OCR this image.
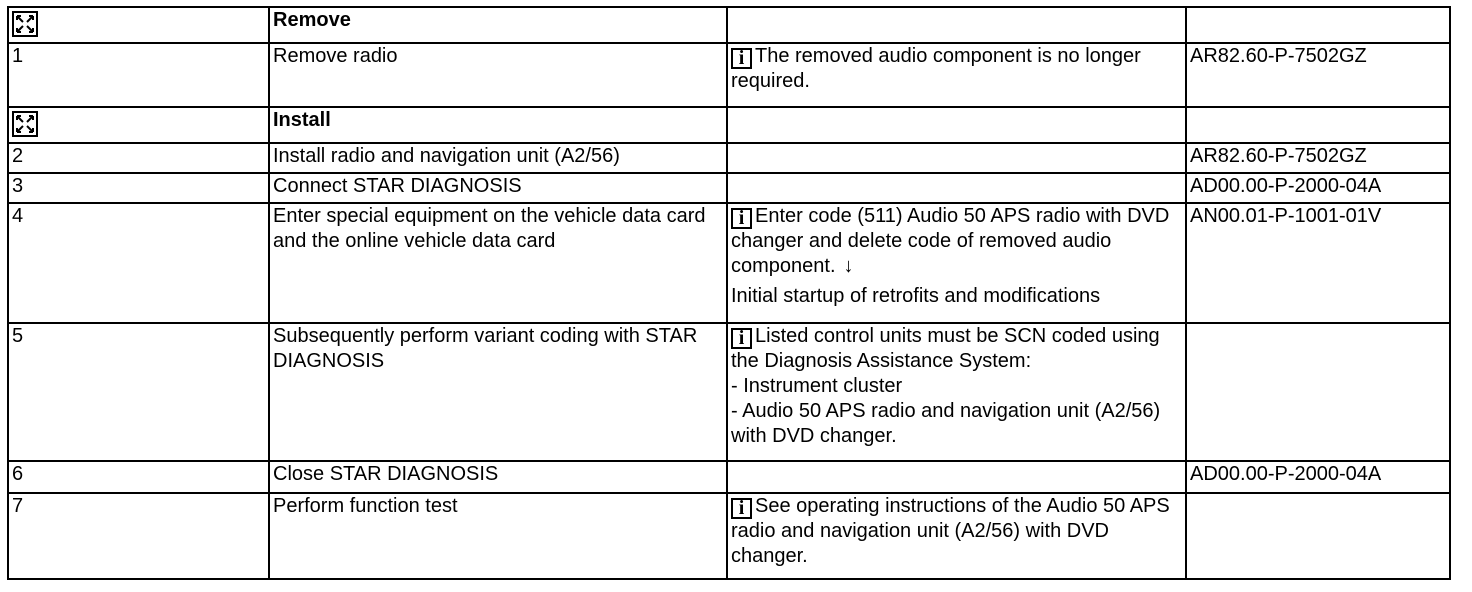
	Remove		
1	Remove radio	i The removed audio component is no longer required.	AR82.60-P-7502GZ
	Install		
2	Install radio and navigation unit (A2/56)		AR82.60-P-7502GZ
3	Connect STAR DIAGNOSIS		AD00.00-P-2000-04A
4	Enter special equipment on the vehicle data card and the online vehicle data card	i Enter code (511) Audio 50 APS radio with DVD changer and delete code of removed audio component. ↓
Initial startup of retrofits and modifications	AN00.01-P-1001-01V
5	Subsequently perform variant coding with STAR DIAGNOSIS	i Listed control units must be SCN coded using the Diagnosis Assistance System:
- Instrument cluster
- Audio 50 APS radio and navigation unit (A2/56) with DVD changer.	

6	Close STAR DIAGNOSIS		AD00.00-P-2000-04A
7	Perform function test	i See operating instructions of the Audio 50 APS radio and navigation unit (A2/56) with DVD changer.	
